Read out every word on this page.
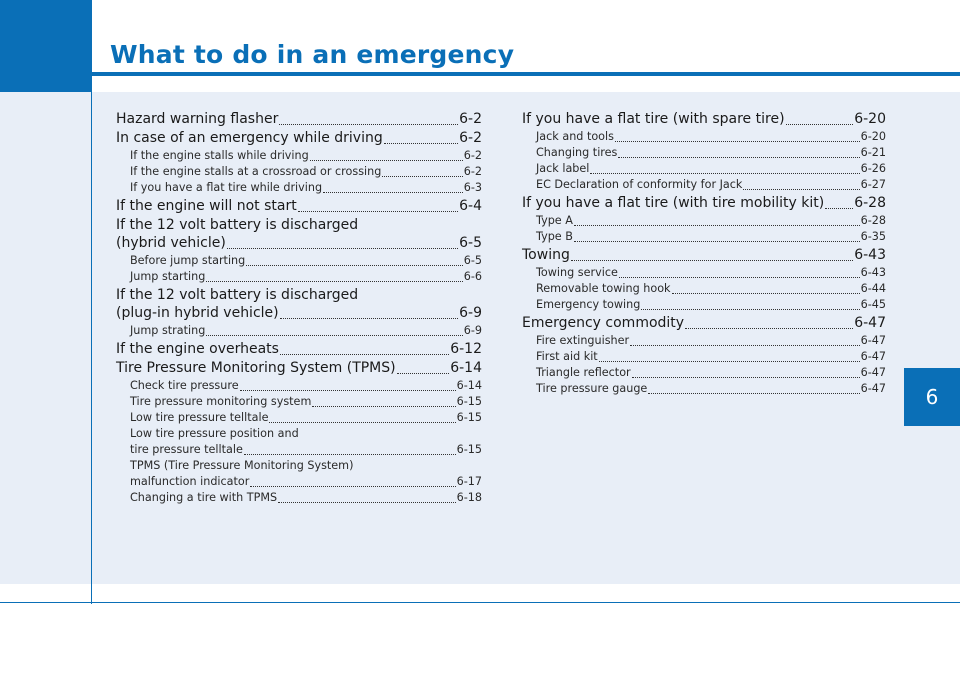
What to do in an emergency
6
Hazard warning flasher	6-2
In case of an emergency while driving	6-2
If the engine stalls while driving	6-2
If the engine stalls at a crossroad or crossing	6-2
If you have a flat tire while driving	6-3
If the engine will not start	6-4
If the 12 volt battery is discharged
(hybrid vehicle)	6-5
Before jump starting	6-5
Jump starting	6-6
If the 12 volt battery is discharged
(plug-in hybrid vehicle)	6-9
Jump strating	6-9
If the engine overheats	6-12
Tire Pressure Monitoring System (TPMS)	6-14
Check tire pressure	6-14
Tire pressure monitoring system	6-15
Low tire pressure telltale	6-15
Low tire pressure position and
tire pressure telltale	6-15
TPMS (Tire Pressure Monitoring System)
malfunction indicator	6-17
Changing a tire with TPMS	6-18
If you have a flat tire (with spare tire)	6-20
Jack and tools	6-20
Changing tires	6-21
Jack label	6-26
EC Declaration of conformity for Jack	6-27
If you have a flat tire (with tire mobility kit) 6-28
Type A	6-28
Type B	6-35
Towing	6-43
Towing service	6-43
Removable towing hook	6-44
Emergency towing	6-45
Emergency commodity	6-47
Fire extinguisher	6-47
First aid kit	6-47
Triangle reflector	6-47
Tire pressure gauge	6-47
